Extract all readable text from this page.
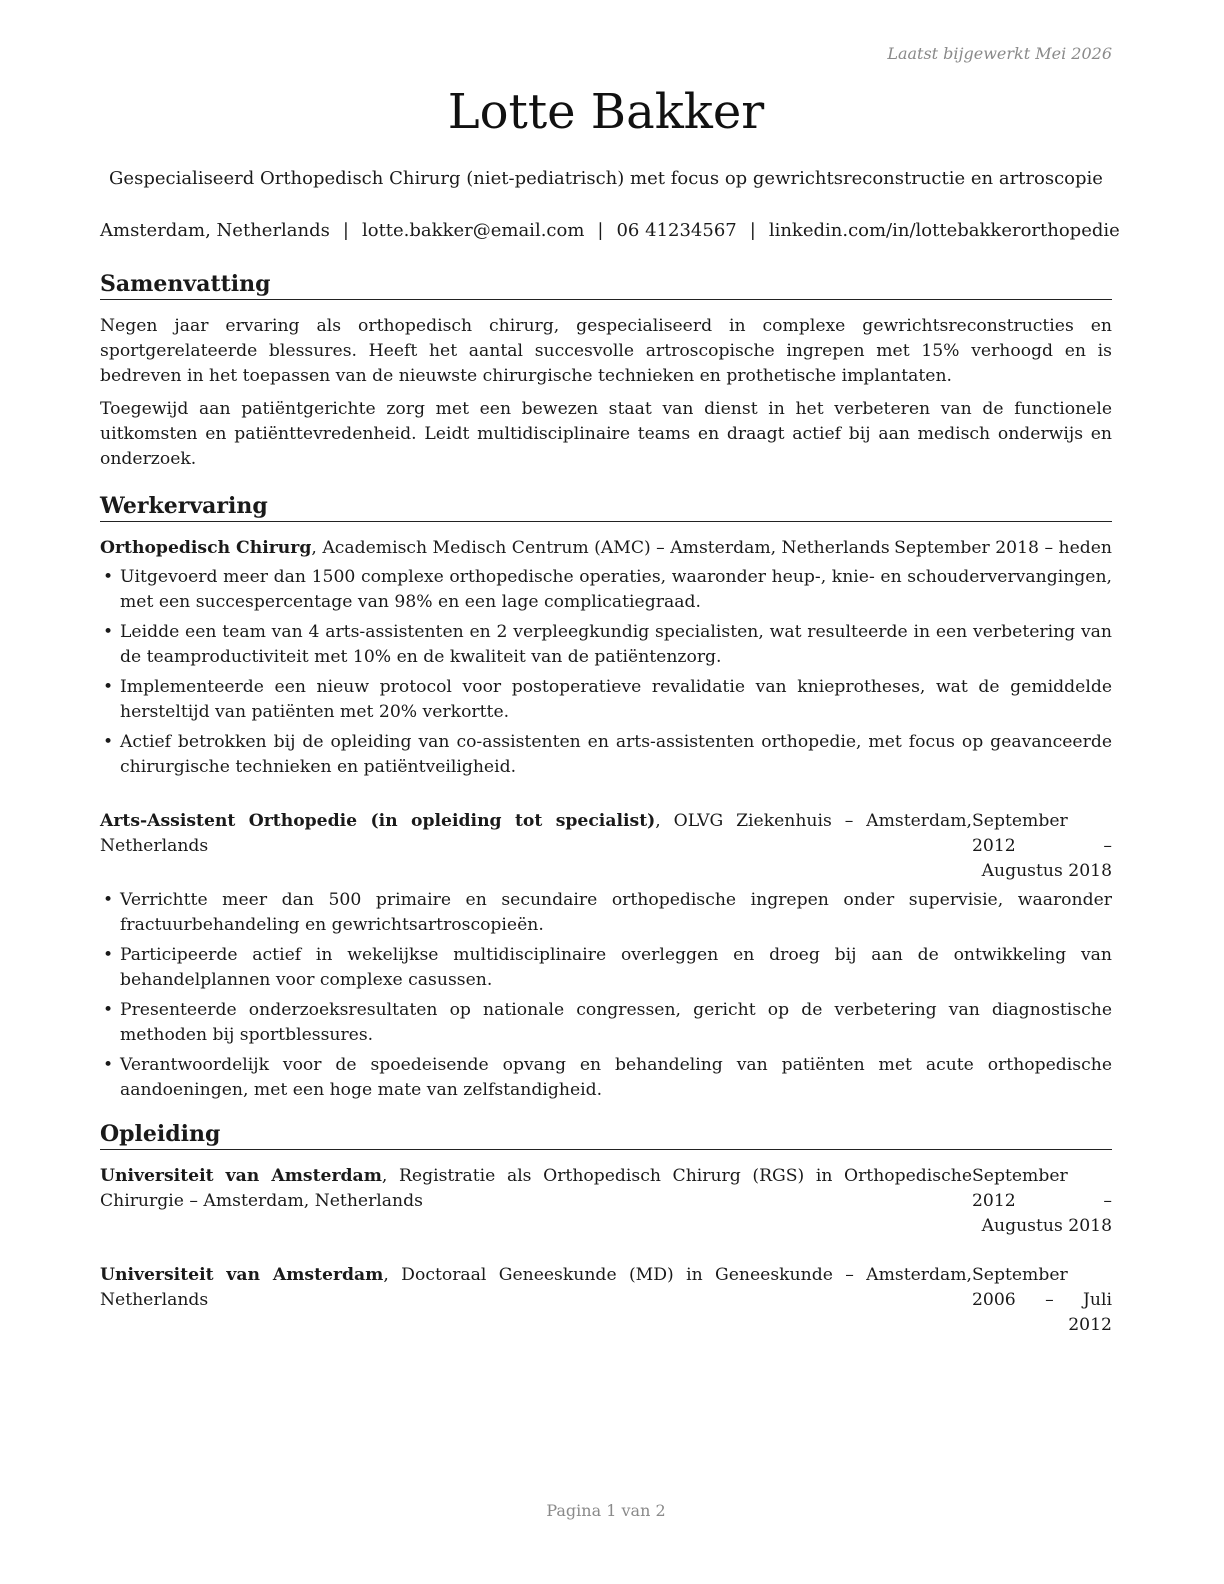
Laatst bijgewerkt Mei 2026
Lotte Bakker
Gespecialiseerd Orthopedisch Chirurg (niet-pediatrisch) met focus op gewrichtsreconstructie en artroscopie
Amsterdam, Netherlands | lotte.bakker@email.com | 06 41234567 | linkedin.com/in/lottebakkerorthopedie
Samenvatting

Negen jaar ervaring als orthopedisch chirurg, gespecialiseerd in complexe gewrichtsreconstructies en sportgerelateerde blessures. Heeft het aantal succesvolle artroscopische ingrepen met 15% verhoogd en is bedreven in het toepassen van de nieuwste chirurgische technieken en prothetische implantaten.

Toegewijd aan patiëntgerichte zorg met een bewezen staat van dienst in het verbeteren van de functionele uitkomsten en patiënttevredenheid. Leidt multidisciplinaire teams en draagt actief bij aan medisch onderwijs en onderzoek.

Werkervaring
Orthopedisch Chirurg, Academisch Medisch Centrum (AMC) – Amsterdam, Netherlands September 2018 – heden
• Uitgevoerd meer dan 1500 complexe orthopedische operaties, waaronder heup-, knie- en schoudervervangingen, met een succespercentage van 98% en een lage complicatiegraad.
• Leidde een team van 4 arts-assistenten en 2 verpleegkundig specialisten, wat resulteerde in een verbetering van de teamproductiviteit met 10% en de kwaliteit van de patiëntenzorg.
• Implementeerde een nieuw protocol voor postoperatieve revalidatie van knieprotheses, wat de gemiddelde hersteltijd van patiënten met 20% verkortte.
• Actief betrokken bij de opleiding van co-assistenten en arts-assistenten orthopedie, met focus op geavanceerde chirurgische technieken en patiëntveiligheid.
Arts-Assistent Orthopedie (in opleiding tot specialist), OLVG Ziekenhuis – Amsterdam, Netherlands
September 2012 – Augustus 2018
• Verrichtte meer dan 500 primaire en secundaire orthopedische ingrepen onder supervisie, waaronder fractuurbehandeling en gewrichtsartroscopieën.
• Participeerde actief in wekelijkse multidisciplinaire overleggen en droeg bij aan de ontwikkeling van behandelplannen voor complexe casussen.
• Presenteerde onderzoeksresultaten op nationale congressen, gericht op de verbetering van diagnostische methoden bij sportblessures.
• Verantwoordelijk voor de spoedeisende opvang en behandeling van patiënten met acute orthopedische aandoeningen, met een hoge mate van zelfstandigheid.
Opleiding
Universiteit van Amsterdam, Registratie als Orthopedisch Chirurg (RGS) in Orthopedische Chirurgie – Amsterdam, Netherlands
September 2012 – Augustus 2018
Universiteit van Amsterdam, Doctoraal Geneeskunde (MD) in Geneeskunde – Amsterdam, Netherlands
September 2006 – Juli 2012
Pagina 1 van 2
